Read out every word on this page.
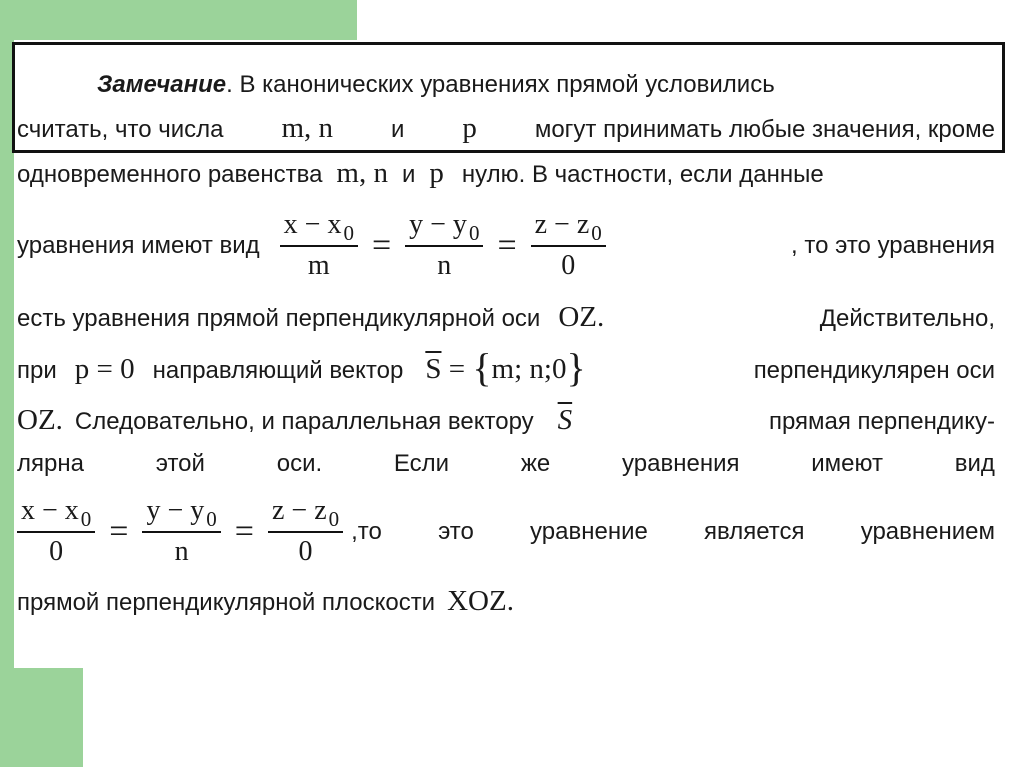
Замечание. В канонических уравнениях прямой условились
считать, что числа m, n и p могут принимать любые значения, кроме
одновременного равенства m, n и p нулю. В частности, если данные
уравнения имеют вид $\frac{x - x_0}{m} = \frac{y - y_0}{n} = \frac{z - z_0}{0}$	, то это уравнения
есть уравнения прямой перпендикулярной оси OZ.	Действительно,
при p = 0 направляющий вектор $\overline{S} = \{m$; n;0}	перпендикулярен оси
OZ. Следовательно, и параллельная вектору $\overline{S}$	прямая перпендику-
лярна	этой	оси.	Если	же	уравнения	имеют	вид
$\frac{x - x_0}{0} = \frac{y - y_0}{n} = \frac{z - z_0}{0} ,то$ это уравнение является уравнением
прямой перпендикулярной плоскости XOZ.
